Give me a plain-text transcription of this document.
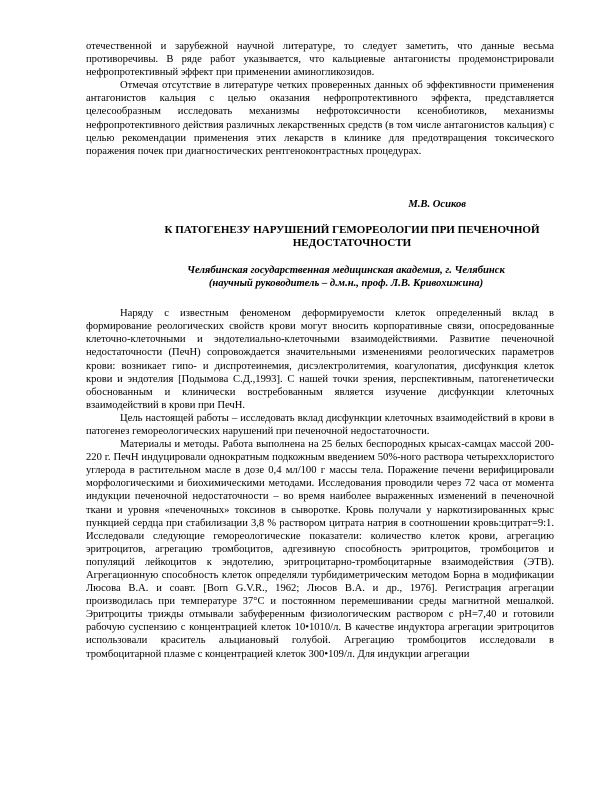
отечественной и зарубежной научной литературе, то следует заметить, что данные весьма противоречивы. В ряде работ указывается, что кальциевые антагонисты продемонстрировали нефропротективный эффект при применении аминогликозидов.

Отмечая отсутствие в литературе четких проверенных данных об эффективности применения антагонистов кальция с целью оказания нефропротективного эффекта, представляется целесообразным исследовать механизмы нефротоксичности ксенобиотиков, механизмы нефропротективного действия различных лекарственных средств (в том числе антагонистов кальция) с целью рекомендации применения этих лекарств в клинике для предотвращения токсического поражения почек при диагностических рентгеноконтрастных процедурах.

М.В. Осиков
К ПАТОГЕНЕЗУ НАРУШЕНИЙ ГЕМОРЕОЛОГИИ ПРИ ПЕЧЕНОЧНОЙ
НЕДОСТАТОЧНОСТИ
Челябинская государственная медицинская академия, г. Челябинск
(научный руководитель – д.м.н., проф. Л.В. Кривохижина)

Наряду с известным феноменом деформируемости клеток определенный вклад в формирование реологических свойств крови могут вносить корпоративные связи, опосредованные клеточно-клеточными и эндотелиально-клеточными взаимодействиями. Развитие печеночной недостаточности (ПечН) сопровождается значительными изменениями реологических параметров крови: возникает гипо- и диспротеинемия, дисэлектролитемия, коагулопатия, дисфункция клеток крови и эндотелия [Подымова С.Д.,1993]. С нашей точки зрения, перспективным, патогенетически обоснованным и клинически востребованным является изучение дисфункции клеточных взаимодействий в крови при ПечН.

Цель настоящей работы – исследовать вклад дисфункции клеточных взаимодействий в крови в патогенез гемореологических нарушений при печеночной недостаточности.

Материалы и методы. Работа выполнена на 25 белых беспородных крысах-самцах массой 200-220 г. ПечН индуцировали однократным подкожным введением 50%-ного раствора четыреххлористого углерода в растительном масле в дозе 0,4 мл/100 г массы тела. Поражение печени верифицировали морфологическими и биохимическими методами. Исследования проводили через 72 часа от момента индукции печеночной недостаточности – во время наиболее выраженных изменений в печеночной ткани и уровня «печеночных» токсинов в сыворотке. Кровь получали у наркотизированных крыс пункцией сердца при стабилизации 3,8 % раствором цитрата натрия в соотношении кровь:цитрат=9:1. Исследовали следующие гемореологические показатели: количество клеток крови, агрегацию эритроцитов, агрегацию тромбоцитов, адгезивную способность эритроцитов, тромбоцитов и популяций лейкоцитов к эндотелию, эритроцитарно-тромбоцитарные взаимодействия (ЭТВ). Агрегационную способность клеток определяли турбидиметрическим методом Борна в модификации Люсова В.А. и соавт. [Born G.V.R., 1962; Люсов В.А. и др., 1976]. Регистрация агрегации производилась при температуре 37°С и постоянном перемешивании среды магнитной мешалкой. Эритроциты трижды отмывали забуференным физиологическим раствором с рН=7,40 и готовили рабочую суспензию с концентрацией клеток 10•1010/л. В качестве индуктора агрегации эритроцитов использовали краситель альциановый голубой. Агрегацию тромбоцитов исследовали в тромбоцитарной плазме с концентрацией клеток 300•109/л. Для индукции агрегации
